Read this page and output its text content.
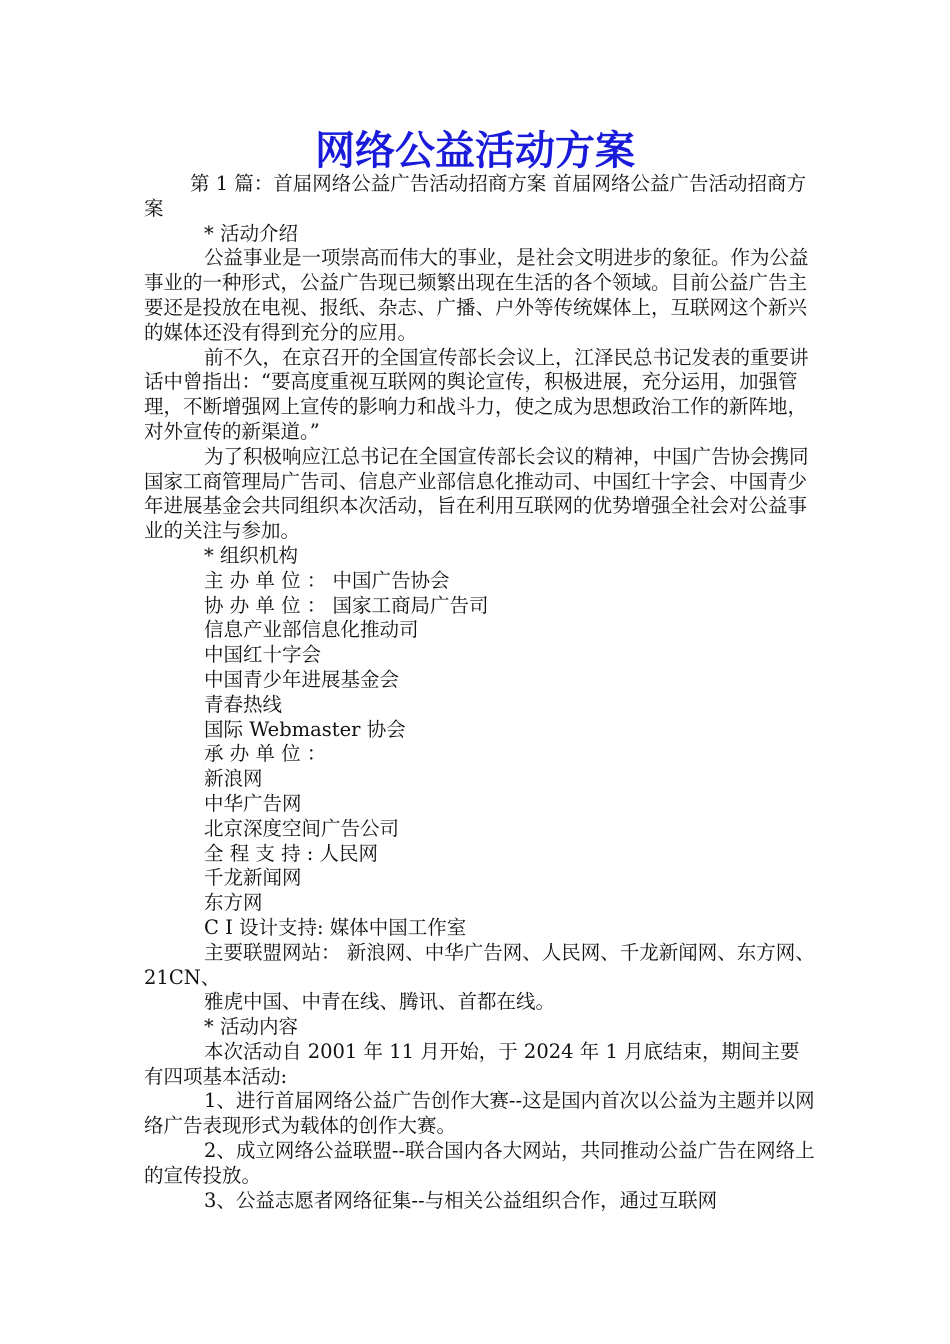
网络公益活动方案

第 1 篇：首届网络公益广告活动招商方案 首届网络公益广告活动招商方案

* 活动介绍

公益事业是一项崇高而伟大的事业，是社会文明进步的象征。作为公益事业的一种形式，公益广告现已频繁出现在生活的各个领域。目前公益广告主要还是投放在电视、报纸、杂志、广播、户外等传统媒体上，互联网这个新兴的媒体还没有得到充分的应用。

前不久，在京召开的全国宣传部长会议上，江泽民总书记发表的重要讲话中曾指出：“要高度重视互联网的舆论宣传，积极进展，充分运用，加强管理，不断增强网上宣传的影响力和战斗力，使之成为思想政治工作的新阵地，对外宣传的新渠道。”

为了积极响应江总书记在全国宣传部长会议的精神，中国广告协会携同国家工商管理局广告司、信息产业部信息化推动司、中国红十字会、中国青少年进展基金会共同组织本次活动，旨在利用互联网的优势增强全社会对公益事业的关注与参加。

* 组织机构

主 办 单 位 ： 中国广告协会

协 办 单 位 ： 国家工商局广告司

信息产业部信息化推动司

中国红十字会

中国青少年进展基金会

青春热线

国际 Webmaster 协会

承 办 单 位 ：

新浪网

中华广告网

北京深度空间广告公司

全 程 支 持 : 人民网

千龙新闻网

东方网

C I 设计支持: 媒体中国工作室

主要联盟网站： 新浪网、中华广告网、人民网、千龙新闻网、东方网、21CN、

雅虎中国、中青在线、腾讯、首都在线。

* 活动内容

本次活动自 2001 年 11 月开始，于 2024 年 1 月底结束，期间主要有四项基本活动:

1、进行首届网络公益广告创作大赛--这是国内首次以公益为主题并以网络广告表现形式为载体的创作大赛。

2、成立网络公益联盟--联合国内各大网站，共同推动公益广告在网络上的宣传投放。

3、公益志愿者网络征集--与相关公益组织合作，通过互联网
